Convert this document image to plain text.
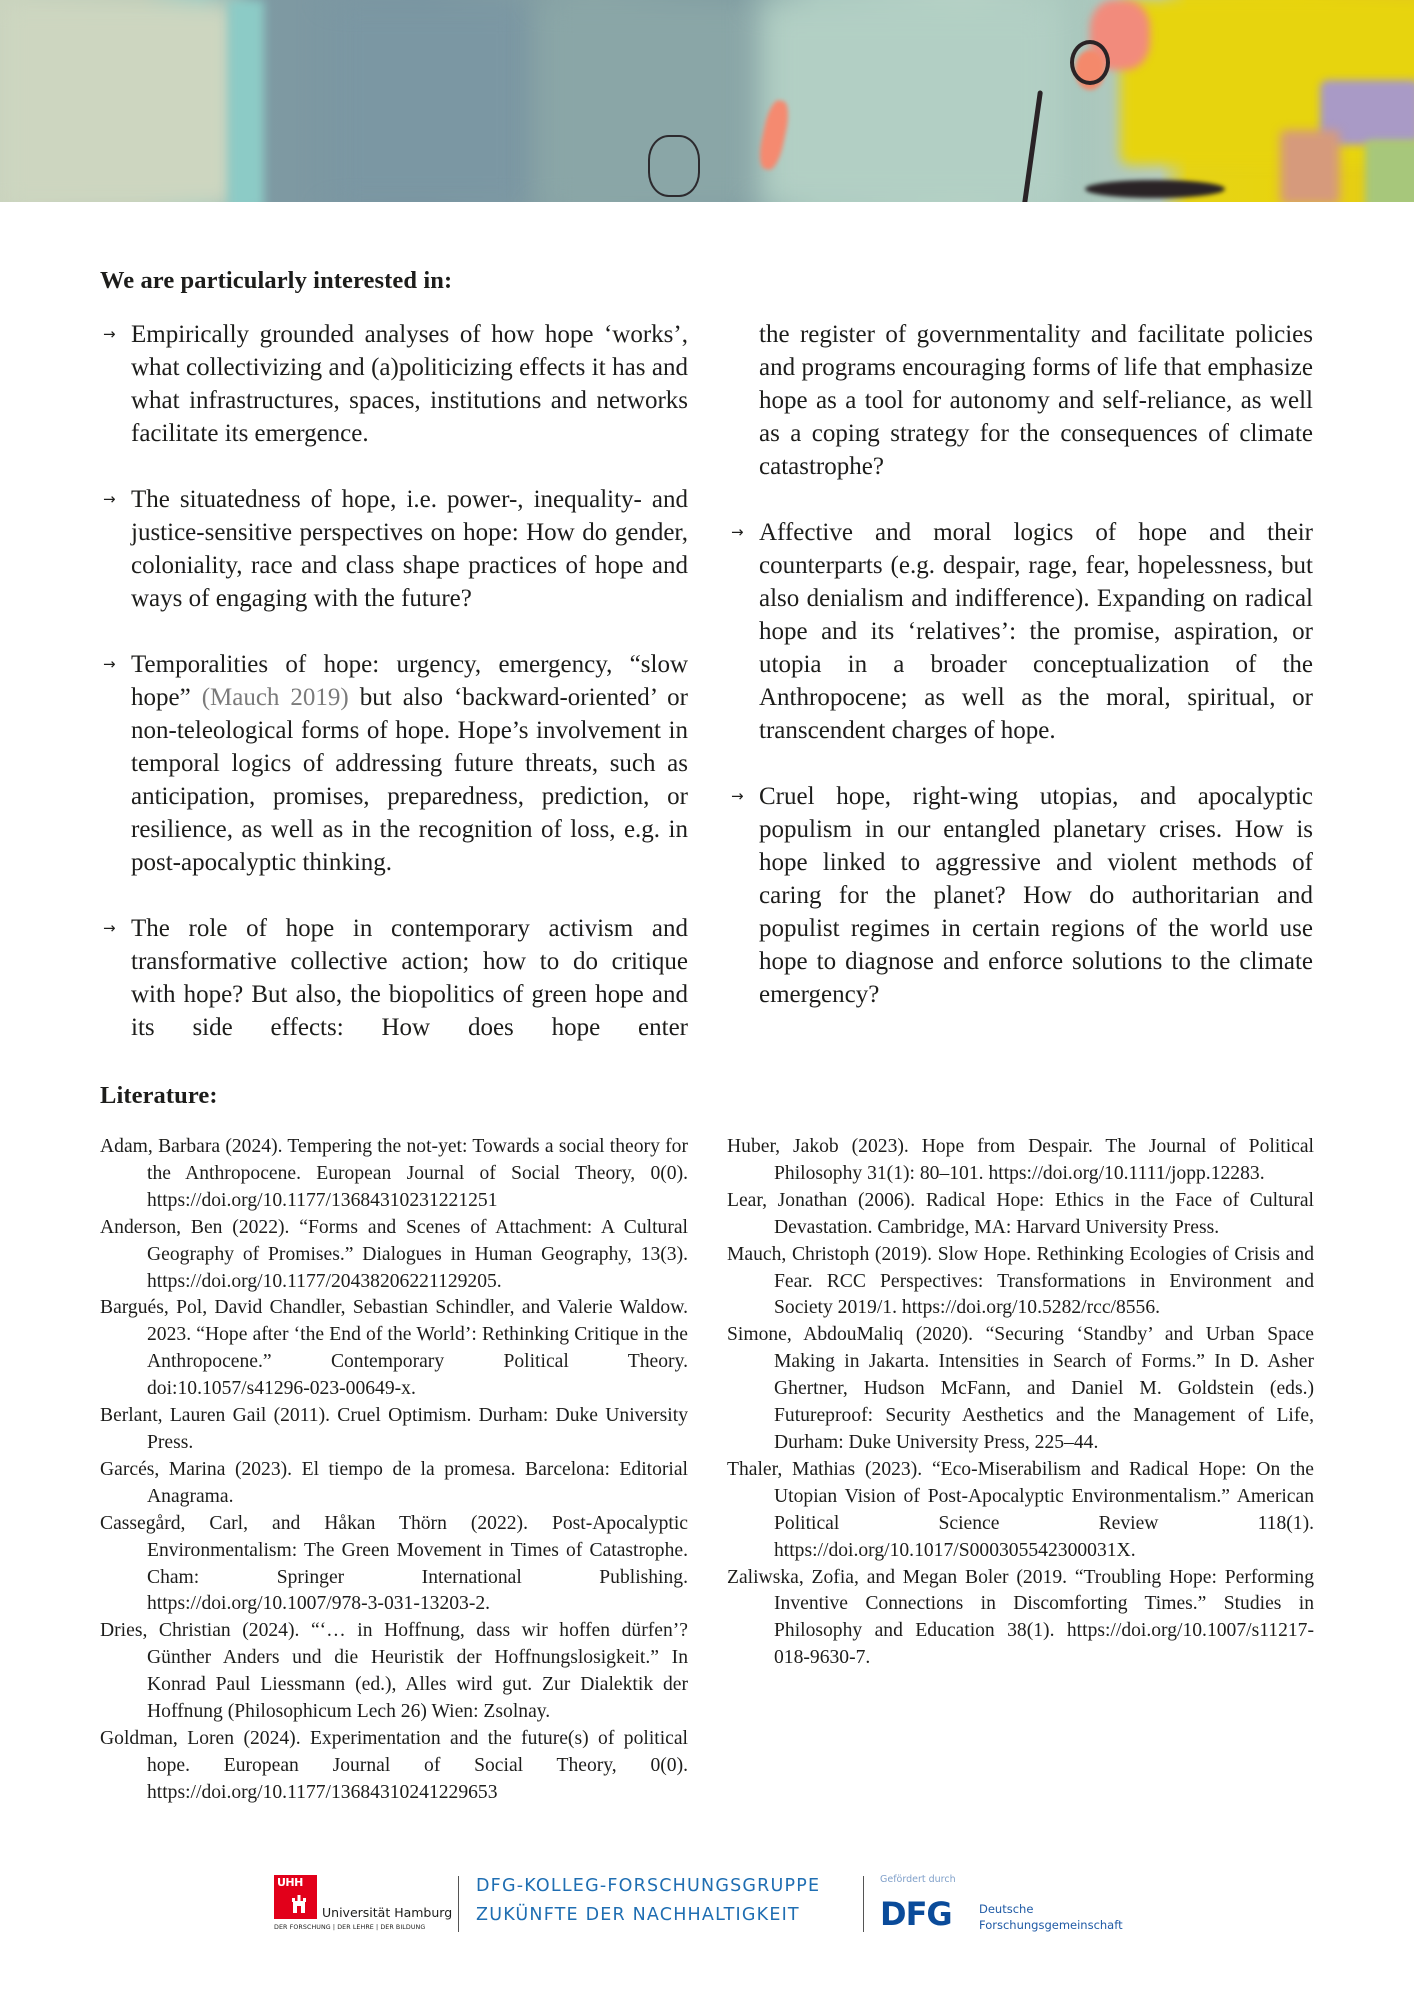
We are particularly interested in:
→ Empirically grounded analyses of how hope ‘works’, what collectivizing and (a)politicizing effects it has and what infrastructures, spaces, institutions and networks facilitate its emergence.
→ The situatedness of hope, i.e. power-, inequality- and justice-sensitive perspectives on hope: How do gender, coloniality, race and class shape practices of hope and ways of engaging with the future?
→ Temporalities of hope: urgency, emergency, “slow hope” (Mauch 2019) but also ‘backward-oriented’ or non-teleological forms of hope. Hope’s involvement in temporal logics of addressing future threats, such as anticipation, promises, preparedness, prediction, or resilience, as well as in the recognition of loss, e.g. in post-apocalyptic thinking.
→ The role of hope in contemporary activism and transformative collective action; how to do critique with hope? But also, the biopolitics of green hope and its side effects: How does hope enter
the register of governmentality and facilitate policies and programs encouraging forms of life that emphasize hope as a tool for autonomy and self-reliance, as well as a coping strategy for the consequences of climate catastrophe?
→ Affective and moral logics of hope and their counterparts (e.g. despair, rage, fear, hopelessness, but also denialism and indifference). Expanding on radical hope and its ‘relatives’: the promise, aspiration, or utopia in a broader conceptualization of the Anthropocene; as well as the moral, spiritual, or transcendent charges of hope.
→ Cruel hope, right-wing utopias, and apocalyptic populism in our entangled planetary crises. How is hope linked to aggressive and violent methods of caring for the planet? How do authoritarian and populist regimes in certain regions of the world use hope to diagnose and enforce solutions to the climate emergency?
Literature:
Adam, Barbara (2024). Tempering the not-yet: Towards a social theory for the Anthropocene. European Journal of Social Theory, 0(0). https://doi.org/10.1177/13684310231221251
Anderson, Ben (2022). “Forms and Scenes of Attachment: A Cultural Geography of Promises.” Dialogues in Human Geography, 13(3). https://doi.org/10.1177/20438206221129205.
Bargués, Pol, David Chandler, Sebastian Schindler, and Valerie Waldow. 2023. “Hope after ‘the End of the World’: Rethinking Critique in the Anthropocene.” Contemporary Political Theory. doi:10.1057/s41296-023-00649-x.
Berlant, Lauren Gail (2011). Cruel Optimism. Durham: Duke University Press.
Garcés, Marina (2023). El tiempo de la promesa. Barcelona: Editorial Anagrama.
Cassegård, Carl, and Håkan Thörn (2022). Post-Apocalyptic Environmentalism: The Green Movement in Times of Catastrophe. Cham: Springer International Publishing. https://doi.org/10.1007/978-3-031-13203-2.
Dries, Christian (2024). “‘… in Hoffnung, dass wir hoffen dürfen’? Günther Anders und die Heuristik der Hoffnungslosigkeit.” In Konrad Paul Liessmann (ed.), Alles wird gut. Zur Dialektik der Hoffnung (Philosophicum Lech 26) Wien: Zsolnay.
Goldman, Loren (2024). Experimentation and the future(s) of political hope. European Journal of Social Theory, 0(0). https://doi.org/10.1177/13684310241229653
Huber, Jakob (2023). Hope from Despair. The Journal of Political Philosophy 31(1): 80–101. https://doi.org/10.1111/jopp.12283.
Lear, Jonathan (2006). Radical Hope: Ethics in the Face of Cultural Devastation. Cambridge, MA: Harvard University Press.
Mauch, Christoph (2019). Slow Hope. Rethinking Ecologies of Crisis and Fear. RCC Perspectives: Transformations in Environment and Society 2019/1. https://doi.org/10.5282/rcc/8556.
Simone, AbdouMaliq (2020). “Securing ‘Standby’ and Urban Space Making in Jakarta. Intensities in Search of Forms.” In D. Asher Ghertner, Hudson McFann, and Daniel M. Goldstein (eds.) Futureproof: Security Aesthetics and the Management of Life, Durham: Duke University Press, 225–44.
Thaler, Mathias (2023). “Eco-Miserabilism and Radical Hope: On the Utopian Vision of Post-Apocalyptic Environmentalism.” American Political Science Review 118(1). https://doi.org/10.1017/S000305542300031X.
Zaliwska, Zofia, and Megan Boler (2019. “Troubling Hope: Performing Inventive Connections in Discomforting Times.” Studies in Philosophy and Education 38(1). https://doi.org/10.1007/s11217-018-9630-7.
UHH
Universität Hamburg
DER FORSCHUNG | DER LEHRE | DER BILDUNG
DFG-KOLLEG-FORSCHUNGSGRUPPE
ZUKÜNFTE DER NACHHALTIGKEIT
Gefördert durch
DFG Deutsche
Forschungsgemeinschaft
